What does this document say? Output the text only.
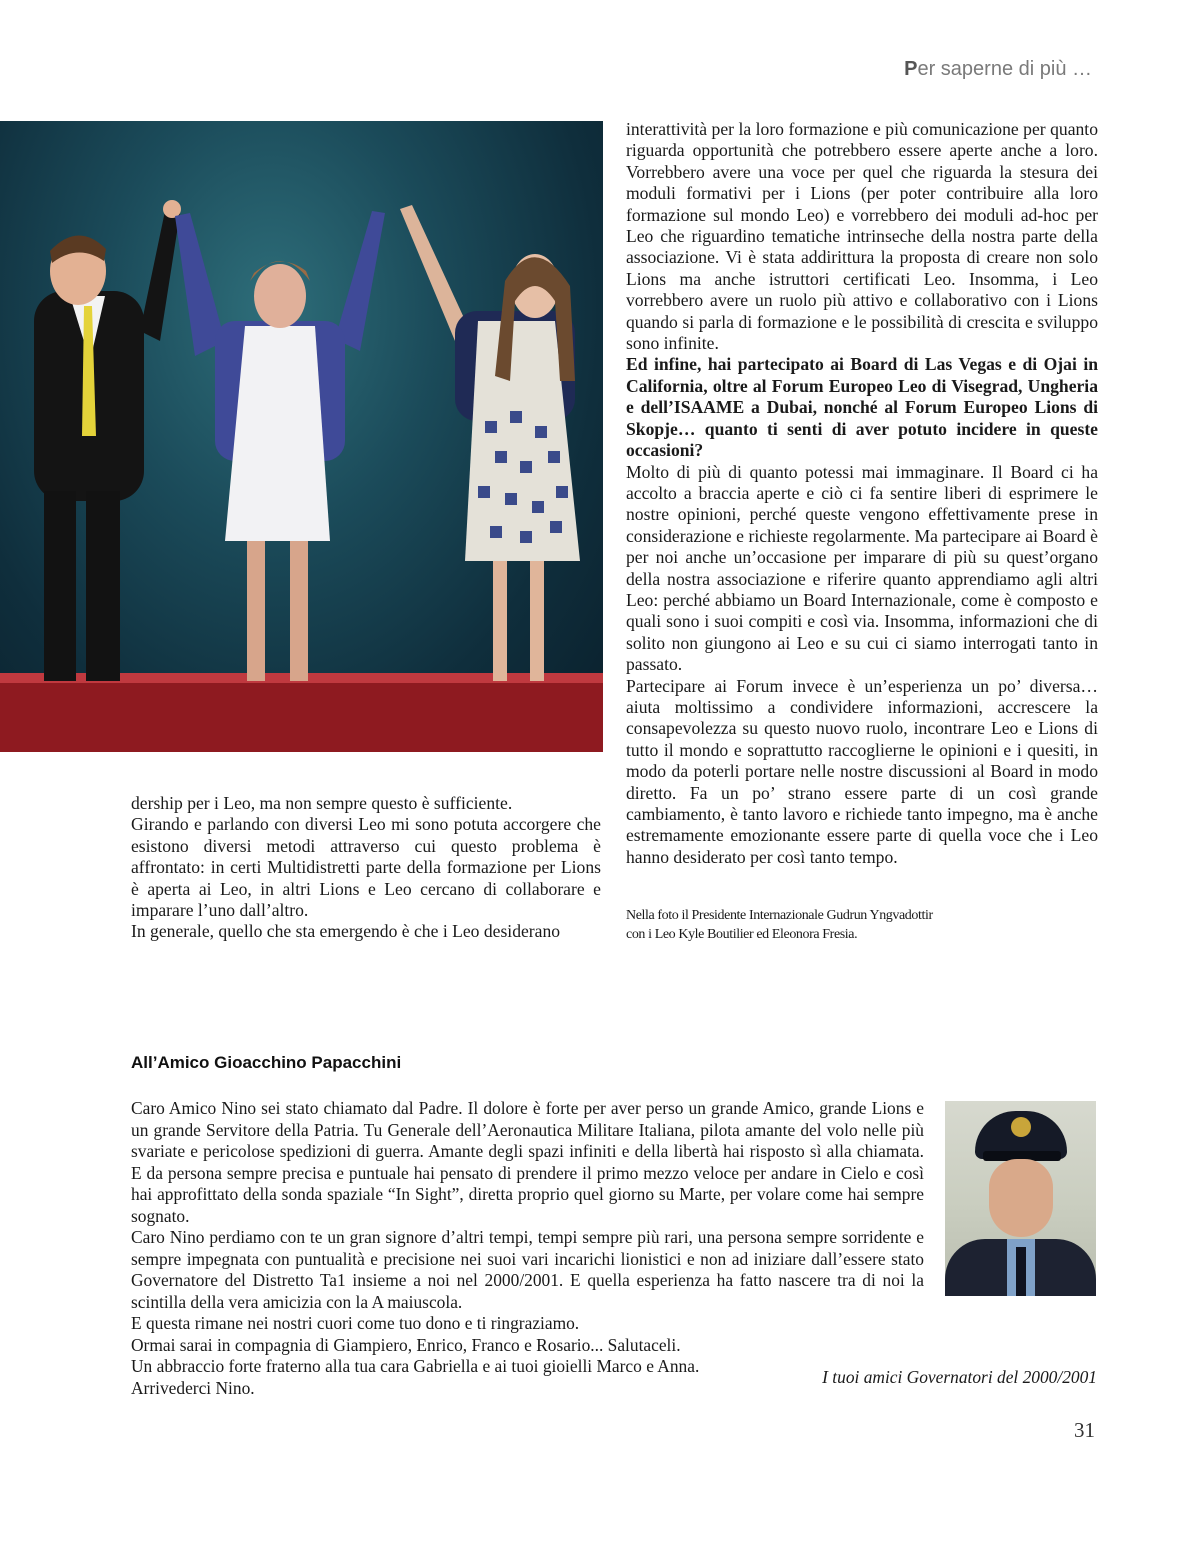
Per saperne di più …

interattività per la loro formazione e più comunicazione per quanto riguarda opportunità che potrebbero essere aperte anche a loro. Vorrebbero avere una voce per quel che riguarda la stesura dei moduli formativi per i Lions (per poter contribuire alla loro formazione sul mondo Leo) e vorrebbero dei moduli ad-hoc per Leo che riguardino tematiche intrinseche della nostra parte della associazione. Vi è stata addirittura la proposta di creare non solo Lions ma anche istruttori certificati Leo. Insomma, i Leo vorrebbero avere un ruolo più attivo e collaborativo con i Lions quando si parla di formazione e le possibilità di crescita e sviluppo sono infinite.

Ed infine, hai partecipato ai Board di Las Vegas e di Ojai in California, oltre al Forum Europeo Leo di Visegrad, Ungheria e dell’ISAAME a Dubai, nonché al Forum Europeo Lions di Skopje… quanto ti senti di aver potuto incidere in queste occasioni?

Molto di più di quanto potessi mai immaginare. Il Board ci ha accolto a braccia aperte e ciò ci fa sentire liberi di esprimere le nostre opinioni, perché queste vengono effettivamente prese in considerazione e richieste regolarmente. Ma partecipare ai Board è per noi anche un’occasione per imparare di più su quest’organo della nostra associazione e riferire quanto apprendiamo agli altri Leo: perché abbiamo un Board Internazionale, come è composto e quali sono i suoi compiti e così via. Insomma, informazioni che di solito non giungono ai Leo e su cui ci siamo interrogati tanto in passato.

Partecipare ai Forum invece è un’esperienza un po’ diversa… aiuta moltissimo a condividere informazioni, accrescere la consapevolezza su questo nuovo ruolo, incontrare Leo e Lions di tutto il mondo e soprattutto raccoglierne le opinioni e i quesiti, in modo da poterli portare nelle nostre discussioni al Board in modo diretto. Fa un po’ strano essere parte di un così grande cambiamento, è tanto lavoro e richiede tanto impegno, ma è anche estremamente emozionante essere parte di quella voce che i Leo hanno desiderato per così tanto tempo.

Nella foto il Presidente Internazionale Gudrun Yngvadottir
con i Leo Kyle Boutilier ed Eleonora Fresia.

dership per i Leo, ma non sempre questo è sufficiente.

Girando e parlando con diversi Leo mi sono potuta accorgere che esistono diversi metodi attraverso cui questo problema è affrontato: in certi Multidistretti parte della formazione per Lions è aperta ai Leo, in altri Lions e Leo cercano di collaborare e imparare l’uno dall’altro.

In generale, quello che sta emergendo è che i Leo desiderano

All’Amico Gioacchino Papacchini

Caro Amico Nino sei stato chiamato dal Padre. Il dolore è forte per aver perso un grande Amico, grande Lions e un grande Servitore della Patria. Tu Generale dell’Aeronautica Militare Italiana, pilota amante del volo nelle più svariate e pericolose spedizioni di guerra. Amante degli spazi infiniti e della libertà hai risposto sì alla chiamata. E da persona sempre precisa e puntuale hai pensato di prendere il primo mezzo veloce per andare in Cielo e così hai approfittato della sonda spaziale “In Sight”, diretta proprio quel giorno su Marte, per volare come hai sempre sognato.

Caro Nino perdiamo con te un gran signore d’altri tempi, tempi sempre più rari, una persona sempre sorridente e sempre impegnata con puntualità e precisione nei suoi vari incarichi lionistici e non ad iniziare dall’essere stato Governatore del Distretto Ta1 insieme a noi nel 2000/2001. E quella esperienza ha fatto nascere tra di noi la scintilla della vera amicizia con la A maiuscola.

E questa rimane nei nostri cuori come tuo dono e ti ringraziamo.

Ormai sarai in compagnia di Giampiero, Enrico, Franco e Rosario... Salutaceli.

Un abbraccio forte fraterno alla tua cara Gabriella e ai tuoi gioielli Marco e Anna.

Arrivederci Nino.

I tuoi amici Governatori del 2000/2001
31
